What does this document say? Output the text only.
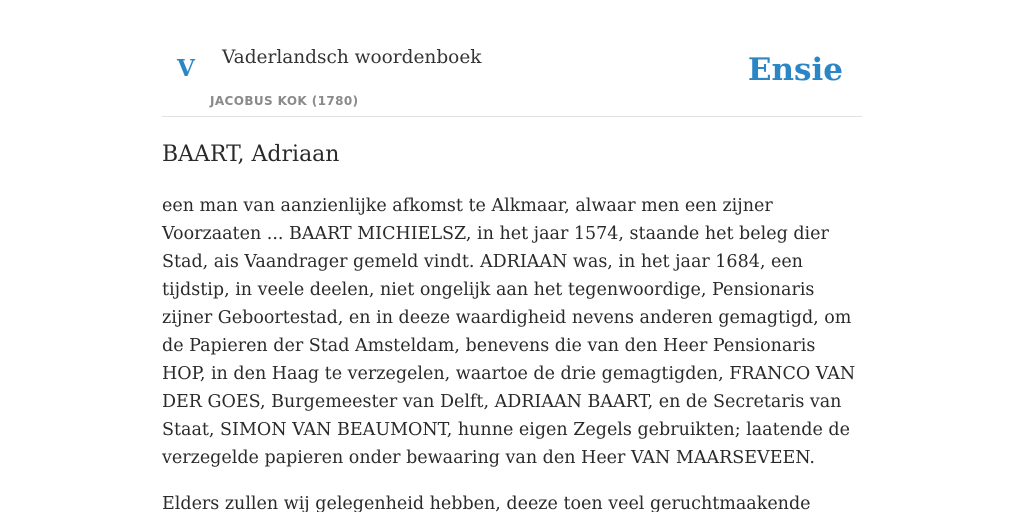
V Vaderlandsch woordenboek
JACOBUS KOK (1780)
Ensie
BAART, Adriaan

een man van aanzienlijke afkomst te Alkmaar, alwaar men een zijner Voorzaaten ... BAART MICHIELSZ, in het jaar 1574, staande het beleg dier Stad, ais Vaandrager gemeld vindt. ADRIAAN was, in het jaar 1684, een tijdstip, in veele deelen, niet ongelijk aan het tegenwoordige, Pensionaris zijner Geboortestad, en in deeze waardigheid nevens anderen gemagtigd, om de Papieren der Stad Amsteldam, benevens die van den Heer Pensionaris HOP, in den Haag te verzegelen, waartoe de drie gemagtigden, FRANCO VAN DER GOES, Burgemeester van Delft, ADRIAAN BAART, en de Secretaris van Staat, SIMON VAN BEAUMONT, hunne eigen Zegels gebruikten; laatende de verzegelde papieren onder bewaaring van den Heer VAN MAARSEVEEN.

Elders zullen wij gelegenheid hebben, deeze toen veel geruchtmaakende
